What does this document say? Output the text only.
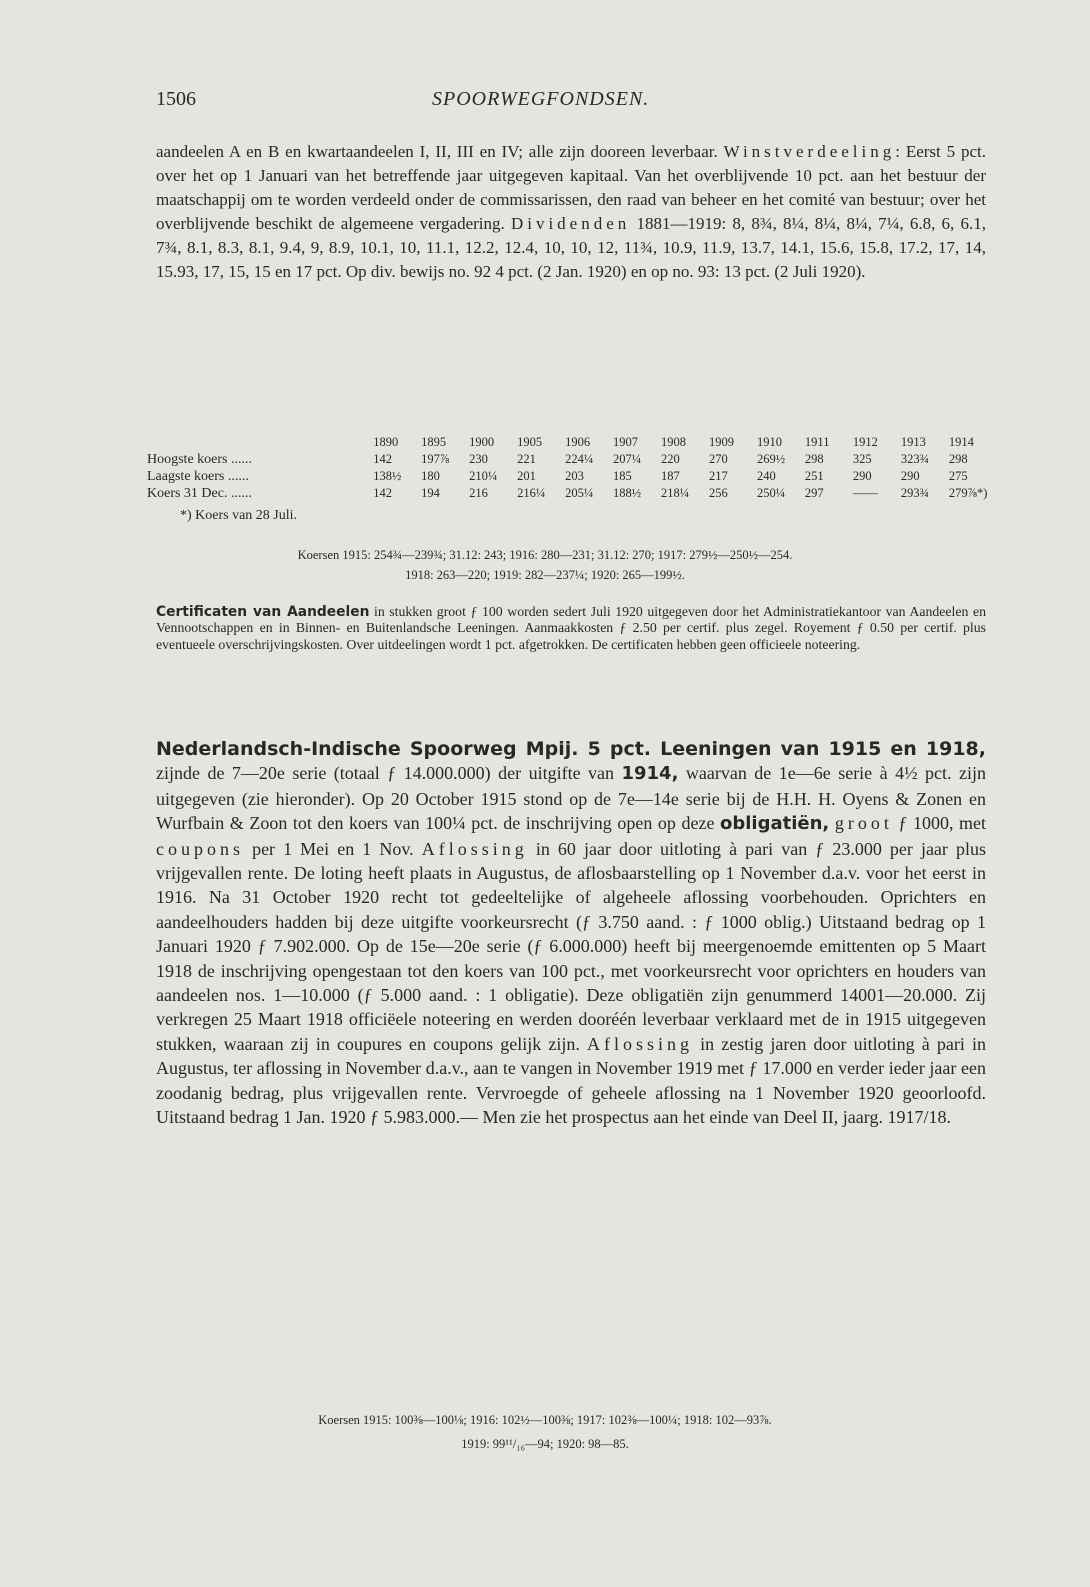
1506	SPOORWEGFONDSEN.
aandeelen A en B en kwartaandeelen I, II, III en IV; alle zijn dooreen leverbaar. Winstverdeeling: Eerst 5 pct. over het op 1 Januari van het betreffende jaar uitgegeven kapitaal. Van het overblijvende 10 pct. aan het bestuur der maatschappij om te worden verdeeld onder de commissarissen, den raad van beheer en het comité van bestuur; over het overblijvende beschikt de algemeene vergadering. Dividenden 1881—1919: 8, 8¾, 8¼, 8¼, 8¼, 7¼, 6.8, 6, 6.1, 7¾, 8.1, 8.3, 8.1, 9.4, 9, 8.9, 10.1, 10, 11.1, 12.2, 12.4, 10, 10, 12, 11¾, 10.9, 11.9, 13.7, 14.1, 15.6, 15.8, 17.2, 17, 14, 15.93, 17, 15, 15 en 17 pct. Op div. bewijs no. 92 4 pct. (2 Jan. 1920) en op no. 93: 13 pct. (2 Juli 1920).
	1890	1895	1900	1905	1906	1907	1908	1909	1910	1911	1912	1913	1914
Hoogste koers ......	142	197⅞	230	221	224¼	207¼	220	270	269½	298	325	323¾	298
Laagste koers ......	138½	180	210¼	201	203	185	187	217	240	251	290	290	275
Koers 31 Dec. ......	142	194	216	216¼	205¼	188½	218¼	256	250¼	297	——	293¾	279⅞*)
*) Koers van 28 Juli.
Koersen 1915: 254¾—239¾; 31.12: 243; 1916: 280—231; 31.12: 270; 1917: 279½—250½—254.
1918: 263—220; 1919: 282—237¼; 1920: 265—199½.
Certificaten van Aandeelen in stukken groot ƒ 100 worden sedert Juli 1920 uitgegeven door het Administratiekantoor van Aandeelen en Vennootschappen en in Binnen- en Buitenlandsche Leeningen. Aanmaakkosten ƒ 2.50 per certif. plus zegel. Royement ƒ 0.50 per certif. plus eventueele overschrijvingskosten. Over uitdeelingen wordt 1 pct. afgetrokken. De certificaten hebben geen officieele noteering.
Nederlandsch-Indische Spoorweg Mpij. 5 pct. Leeningen van 1915 en 1918, zijnde de 7—20e serie (totaal ƒ 14.000.000) der uitgifte van 1914, waarvan de 1e—6e serie à 4½ pct. zijn uitgegeven (zie hieronder). Op 20 October 1915 stond op de 7e—14e serie bij de H.H. H. Oyens & Zonen en Wurfbain & Zoon tot den koers van 100¼ pct. de inschrijving open op deze obligatiën, groot ƒ 1000, met coupons per 1 Mei en 1 Nov. Aflossing in 60 jaar door uitloting à pari van ƒ 23.000 per jaar plus vrijgevallen rente. De loting heeft plaats in Augustus, de aflosbaarstelling op 1 November d.a.v. voor het eerst in 1916. Na 31 October 1920 recht tot gedeeltelijke of algeheele aflossing voorbehouden. Oprichters en aandeelhouders hadden bij deze uitgifte voorkeursrecht (ƒ 3.750 aand. : ƒ 1000 oblig.) Uitstaand bedrag op 1 Januari 1920 ƒ 7.902.000. Op de 15e—20e serie (ƒ 6.000.000) heeft bij meergenoemde emittenten op 5 Maart 1918 de inschrijving opengestaan tot den koers van 100 pct., met voorkeursrecht voor oprichters en houders van aandeelen nos. 1—10.000 (ƒ 5.000 aand. : 1 obligatie). Deze obligatiën zijn genummerd 14001—20.000. Zij verkregen 25 Maart 1918 officiëele noteering en werden dooréén leverbaar verklaard met de in 1915 uitgegeven stukken, waaraan zij in coupures en coupons gelijk zijn. Aflossing in zestig jaren door uitloting à pari in Augustus, ter aflossing in November d.a.v., aan te vangen in November 1919 met ƒ 17.000 en verder ieder jaar een zoodanig bedrag, plus vrijgevallen rente. Vervroegde of geheele aflossing na 1 November 1920 geoorloofd. Uitstaand bedrag 1 Jan. 1920 ƒ 5.983.000.— Men zie het prospectus aan het einde van Deel II, jaarg. 1917/18.
Koersen 1915: 100⅜—100⅛; 1916: 102½—100⅜; 1917: 102⅜—100¼; 1918: 102—93⅞.
1919: 99¹¹/₁₆—94; 1920: 98—85.
